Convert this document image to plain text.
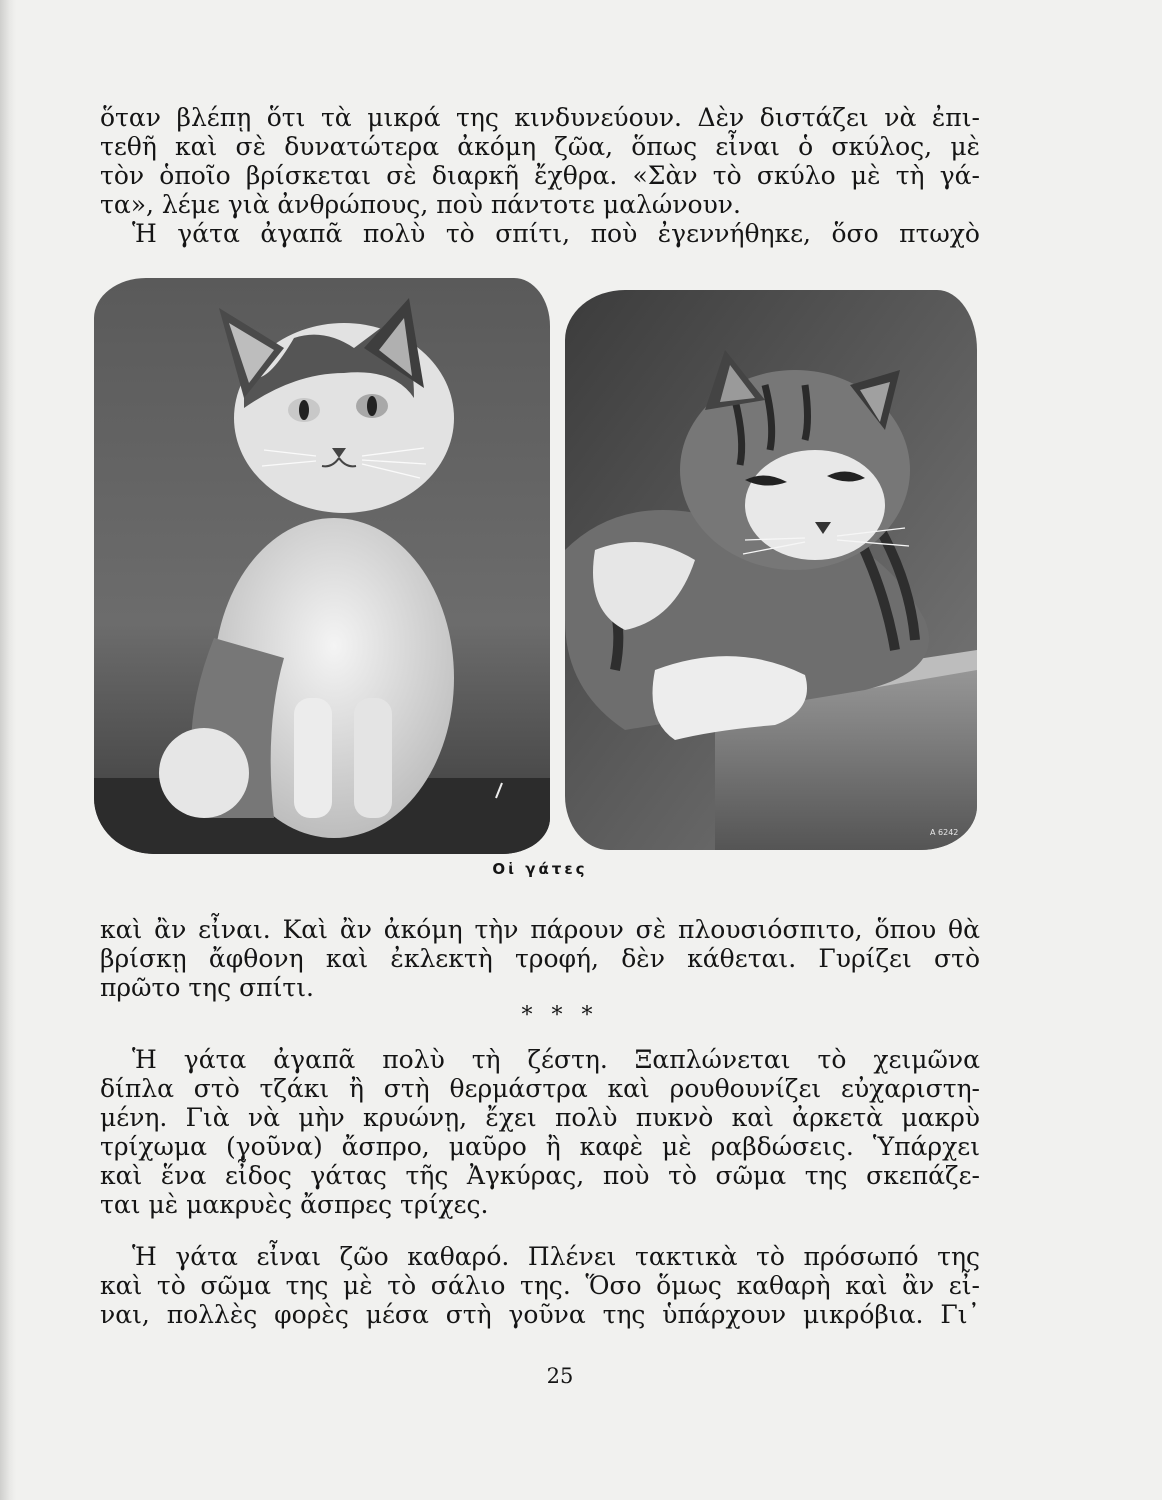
ὅταν βλέπῃ ὅτι τὰ μικρά της κινδυνεύουν. Δὲν διστάζει νὰ ἐπι-
τεθῆ καὶ σὲ δυνατώτερα ἀκόμη ζῶα, ὅπως εἶναι ὁ σκύλος, μὲ
τὸν ὁποῖο βρίσκεται σὲ διαρκῆ ἔχθρα. «Σὰν τὸ σκύλο μὲ τὴ γά-
τα», λέμε γιὰ ἀνθρώπους, ποὺ πάντοτε μαλώνουν.
Ἡ γάτα ἀγαπᾶ πολὺ τὸ σπίτι, ποὺ ἐγεννήθηκε, ὅσο πτωχὸ
A 6242
Οἱ γάτες
καὶ ἂν εἶναι. Καὶ ἂν ἀκόμη τὴν πάρουν σὲ πλουσιόσπιτο, ὅπου θὰ
βρίσκῃ ἄφθονη καὶ ἐκλεκτὴ τροφή, δὲν κάθεται. Γυρίζει στὸ
πρῶτο της σπίτι.
* * *
Ἡ γάτα ἀγαπᾶ πολὺ τὴ ζέστη. Ξαπλώνεται τὸ χειμῶνα
δίπλα στὸ τζάκι ἢ στὴ θερμάστρα καὶ ρουθουνίζει εὐχαριστη-
μένη. Γιὰ νὰ μὴν κρυώνῃ, ἔχει πολὺ πυκνὸ καὶ ἀρκετὰ μακρὺ
τρίχωμα (γοῦνα) ἄσπρο, μαῦρο ἢ καφὲ μὲ ραβδώσεις. Ὑπάρχει
καὶ ἕνα εἶδος γάτας τῆς Ἀγκύρας, ποὺ τὸ σῶμα της σκεπάζε-
ται μὲ μακρυὲς ἄσπρες τρίχες.
Ἡ γάτα εἶναι ζῶο καθαρό. Πλένει τακτικὰ τὸ πρόσωπό της
καὶ τὸ σῶμα της μὲ τὸ σάλιο της. Ὅσο ὅμως καθαρὴ καὶ ἂν εἶ-
ναι, πολλὲς φορὲς μέσα στὴ γοῦνα της ὑπάρχουν μικρόβια. Γι᾽
25
